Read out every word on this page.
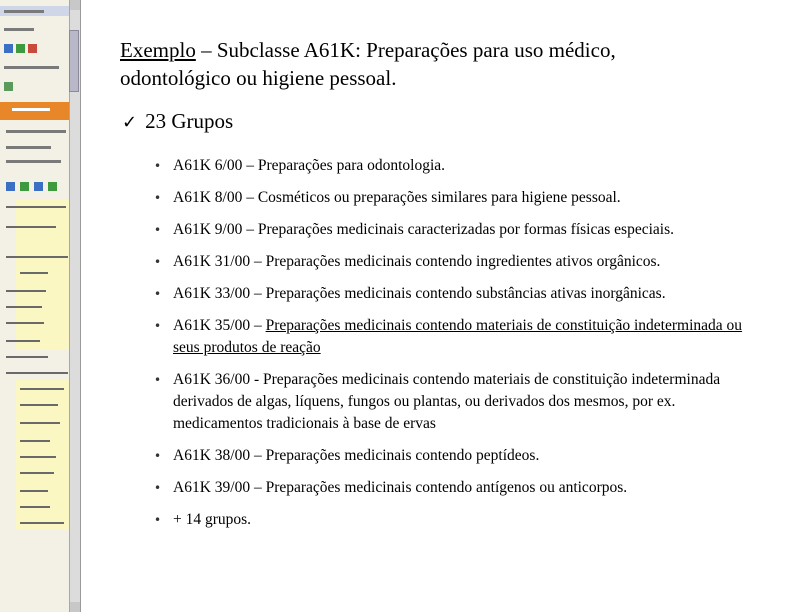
Exemplo – Subclasse A61K: Preparações para uso médico,
odontológico ou higiene pessoal.
✓ 23 Grupos
• A61K 6/00 – Preparações para odontologia.
• A61K 8/00 – Cosméticos ou preparações similares para higiene pessoal.
• A61K 9/00 – Preparações medicinais caracterizadas por formas físicas especiais.
• A61K 31/00 – Preparações medicinais contendo ingredientes ativos orgânicos.
• A61K 33/00 – Preparações medicinais contendo substâncias ativas inorgânicas.
• A61K 35/00 – Preparações medicinais contendo materiais de constituição indeterminada ou seus produtos de reação
• A61K 36/00 - Preparações medicinais contendo materiais de constituição indeterminada derivados de algas, líquens, fungos ou plantas, ou derivados dos mesmos, por ex. medicamentos tradicionais à base de ervas
• A61K 38/00 – Preparações medicinais contendo peptídeos.
• A61K 39/00 – Preparações medicinais contendo antígenos ou anticorpos.
• + 14 grupos.
